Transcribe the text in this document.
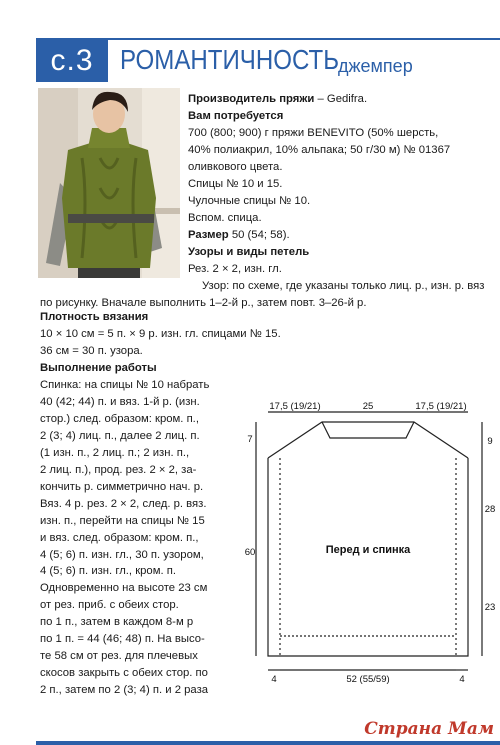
с.3 РОМАНТИЧНОСТЬ
джемпер
Производитель пряжи – Gedifra.
Вам потребуется
700 (800; 900) г пряжи BENEVITO (50% шерсть,
40% полиакрил, 10% альпака; 50 г/30 м) № 01367
оливкового цвета.
Спицы № 10 и 15.
Чулочные спицы № 10.
Вспом. спица.
Размер 50 (54; 58).
Узоры и виды петель
Рез. 2 × 2, изн. гл.
Узор: по схеме, где указаны только лиц. р., изн. р. вяз
по рисунку. Вначале выполнить 1–2-й р., затем повт. 3–26-й р.
Плотность вязания
10 × 10 см = 5 п. × 9 р. изн. гл. спицами № 15.
36 см = 30 п. узора.
Выполнение работы
Спинка: на спицы № 10 набрать
40 (42; 44) п. и вяз. 1-й р. (изн.
стор.) след. образом: кром. п.,
2 (3; 4) лиц. п., далее 2 лиц. п.
(1 изн. п., 2 лиц. п.; 2 изн. п.,
2 лиц. п.), прод. рез. 2 × 2, за-
кончить р. симметрично нач. р.
Вяз. 4 р. рез. 2 × 2, след. р. вяз.
изн. п., перейти на спицы № 15
и вяз. след. образом: кром. п.,
4 (5; 6) п. изн. гл., 30 п. узором,
4 (5; 6) п. изн. гл., кром. п.
Одновременно на высоте 23 см
от рез. приб. с обеих стор.
по 1 п., затем в каждом 8-м р
по 1 п. = 44 (46; 48) п. На высо-
те 58 см от рез. для плечевых
скосов закрыть с обеих стор. по
2 п., затем по 2 (3; 4) п. и 2 раза
17,5 (19/21)	25	17,5 (19/21)
7
60
9
28
23
4	52 (55/59)	4
Перед и спинка
Страна Мам
